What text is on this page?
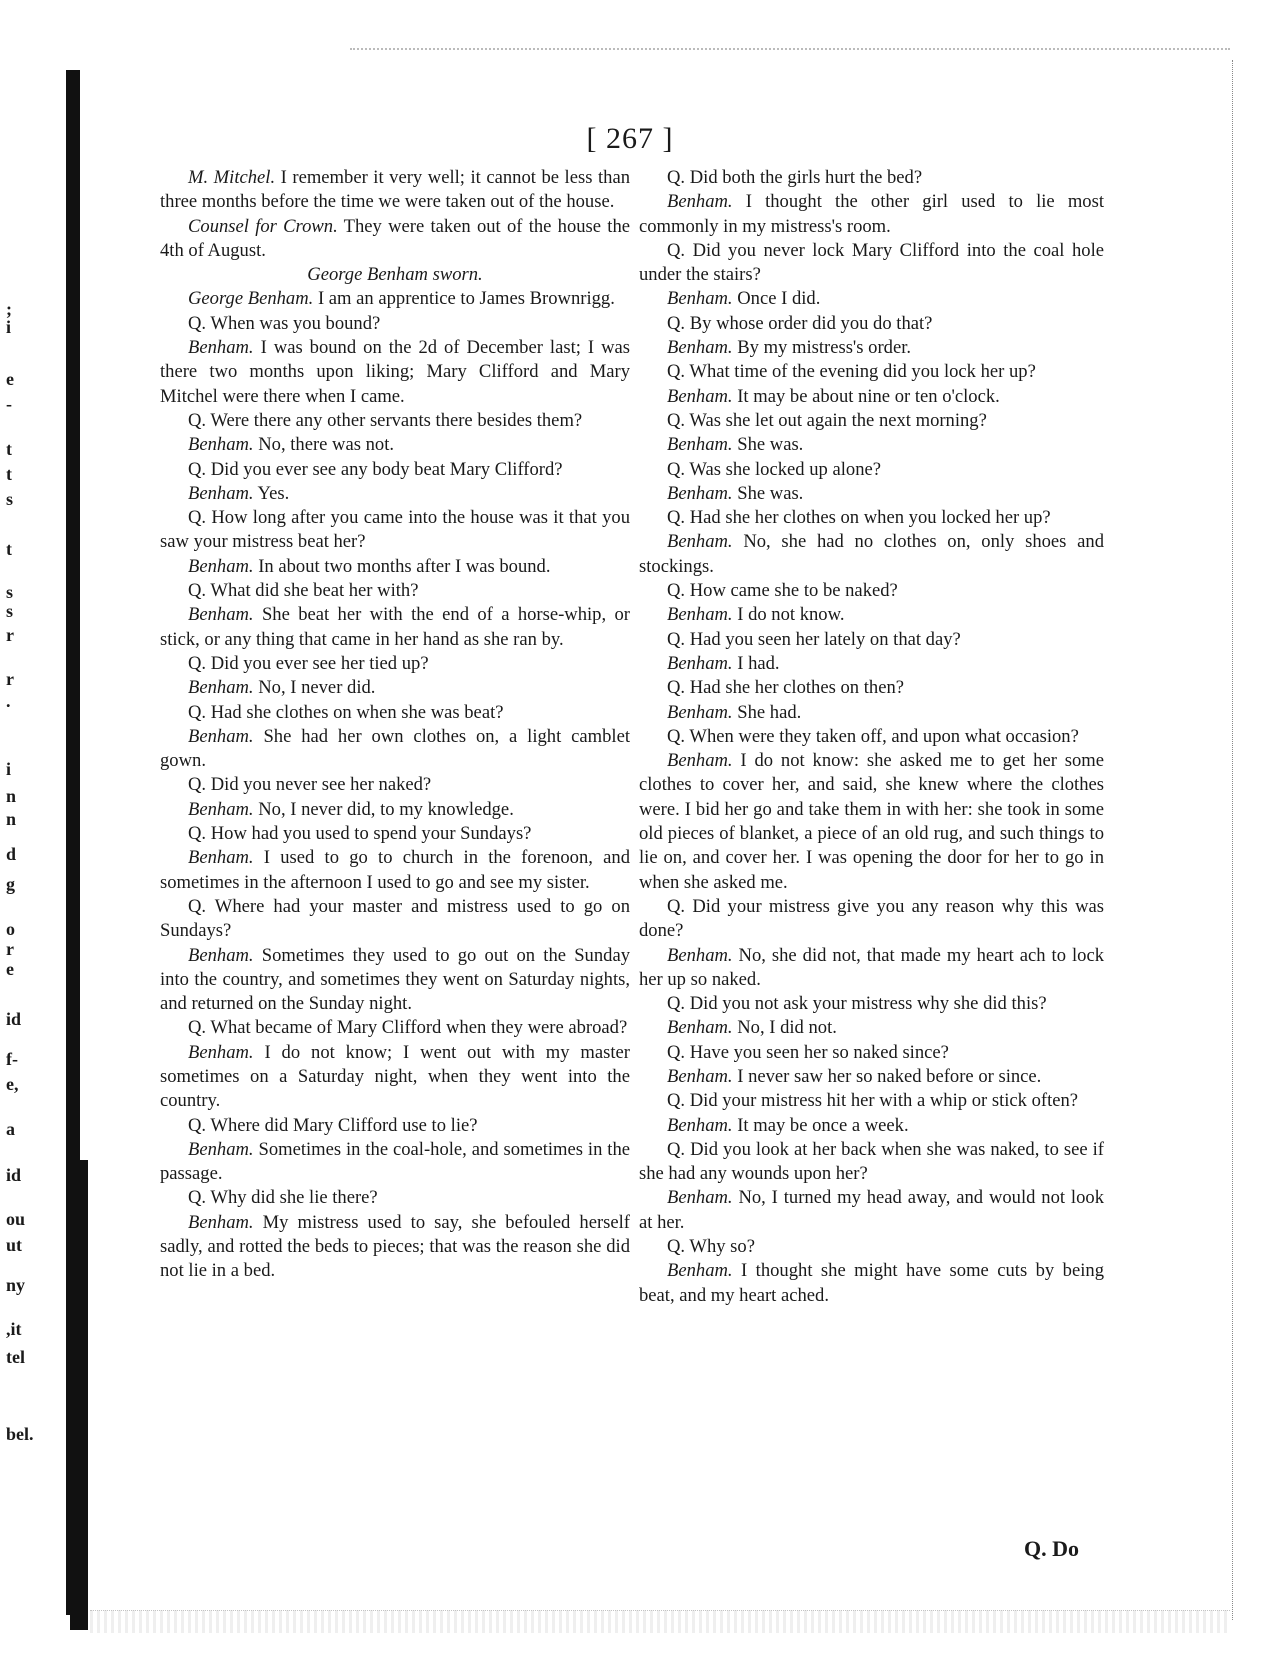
;
i
e
-
t
t
s
t
s
s
r
r
.
i
n
n
d
g
o
r
e
id
f-
e,
a
id
ou
ut
ny
,it
tel
bel.
[ 267 ]

M. Mitchel. I remember it very well; it cannot be less than three months before the time we were taken out of the house.

Counsel for Crown. They were taken out of the house the 4th of August.

George Benham sworn.

George Benham. I am an apprentice to James Brownrigg.

Q. When was you bound?

Benham. I was bound on the 2d of December last; I was there two months upon liking; Mary Clifford and Mary Mitchel were there when I came.

Q. Were there any other servants there besides them?

Benham. No, there was not.

Q. Did you ever see any body beat Mary Clifford?

Benham. Yes.

Q. How long after you came into the house was it that you saw your mistress beat her?

Benham. In about two months after I was bound.

Q. What did she beat her with?

Benham. She beat her with the end of a horse-whip, or stick, or any thing that came in her hand as she ran by.

Q. Did you ever see her tied up?

Benham. No, I never did.

Q. Had she clothes on when she was beat?

Benham. She had her own clothes on, a light camblet gown.

Q. Did you never see her naked?

Benham. No, I never did, to my knowledge.

Q. How had you used to spend your Sundays?

Benham. I used to go to church in the forenoon, and sometimes in the afternoon I used to go and see my sister.

Q. Where had your master and mistress used to go on Sundays?

Benham. Sometimes they used to go out on the Sunday into the country, and sometimes they went on Saturday nights, and returned on the Sunday night.

Q. What became of Mary Clifford when they were abroad?

Benham. I do not know; I went out with my master sometimes on a Saturday night, when they went into the country.

Q. Where did Mary Clifford use to lie?

Benham. Sometimes in the coal-hole, and sometimes in the passage.

Q. Why did she lie there?

Benham. My mistress used to say, she befouled herself sadly, and rotted the beds to pieces; that was the reason she did not lie in a bed.

Q. Did both the girls hurt the bed?

Benham. I thought the other girl used to lie most commonly in my mistress's room.

Q. Did you never lock Mary Clifford into the coal hole under the stairs?

Benham. Once I did.

Q. By whose order did you do that?

Benham. By my mistress's order.

Q. What time of the evening did you lock her up?

Benham. It may be about nine or ten o'clock.

Q. Was she let out again the next morning?

Benham. She was.

Q. Was she locked up alone?

Benham. She was.

Q. Had she her clothes on when you locked her up?

Benham. No, she had no clothes on, only shoes and stockings.

Q. How came she to be naked?

Benham. I do not know.

Q. Had you seen her lately on that day?

Benham. I had.

Q. Had she her clothes on then?

Benham. She had.

Q. When were they taken off, and upon what occasion?

Benham. I do not know: she asked me to get her some clothes to cover her, and said, she knew where the clothes were. I bid her go and take them in with her: she took in some old pieces of blanket, a piece of an old rug, and such things to lie on, and cover her. I was opening the door for her to go in when she asked me.

Q. Did your mistress give you any reason why this was done?

Benham. No, she did not, that made my heart ach to lock her up so naked.

Q. Did you not ask your mistress why she did this?

Benham. No, I did not.

Q. Have you seen her so naked since?

Benham. I never saw her so naked before or since.

Q. Did your mistress hit her with a whip or stick often?

Benham. It may be once a week.

Q. Did you look at her back when she was naked, to see if she had any wounds upon her?

Benham. No, I turned my head away, and would not look at her.

Q. Why so?

Benham. I thought she might have some cuts by being beat, and my heart ached.

Q. Do
